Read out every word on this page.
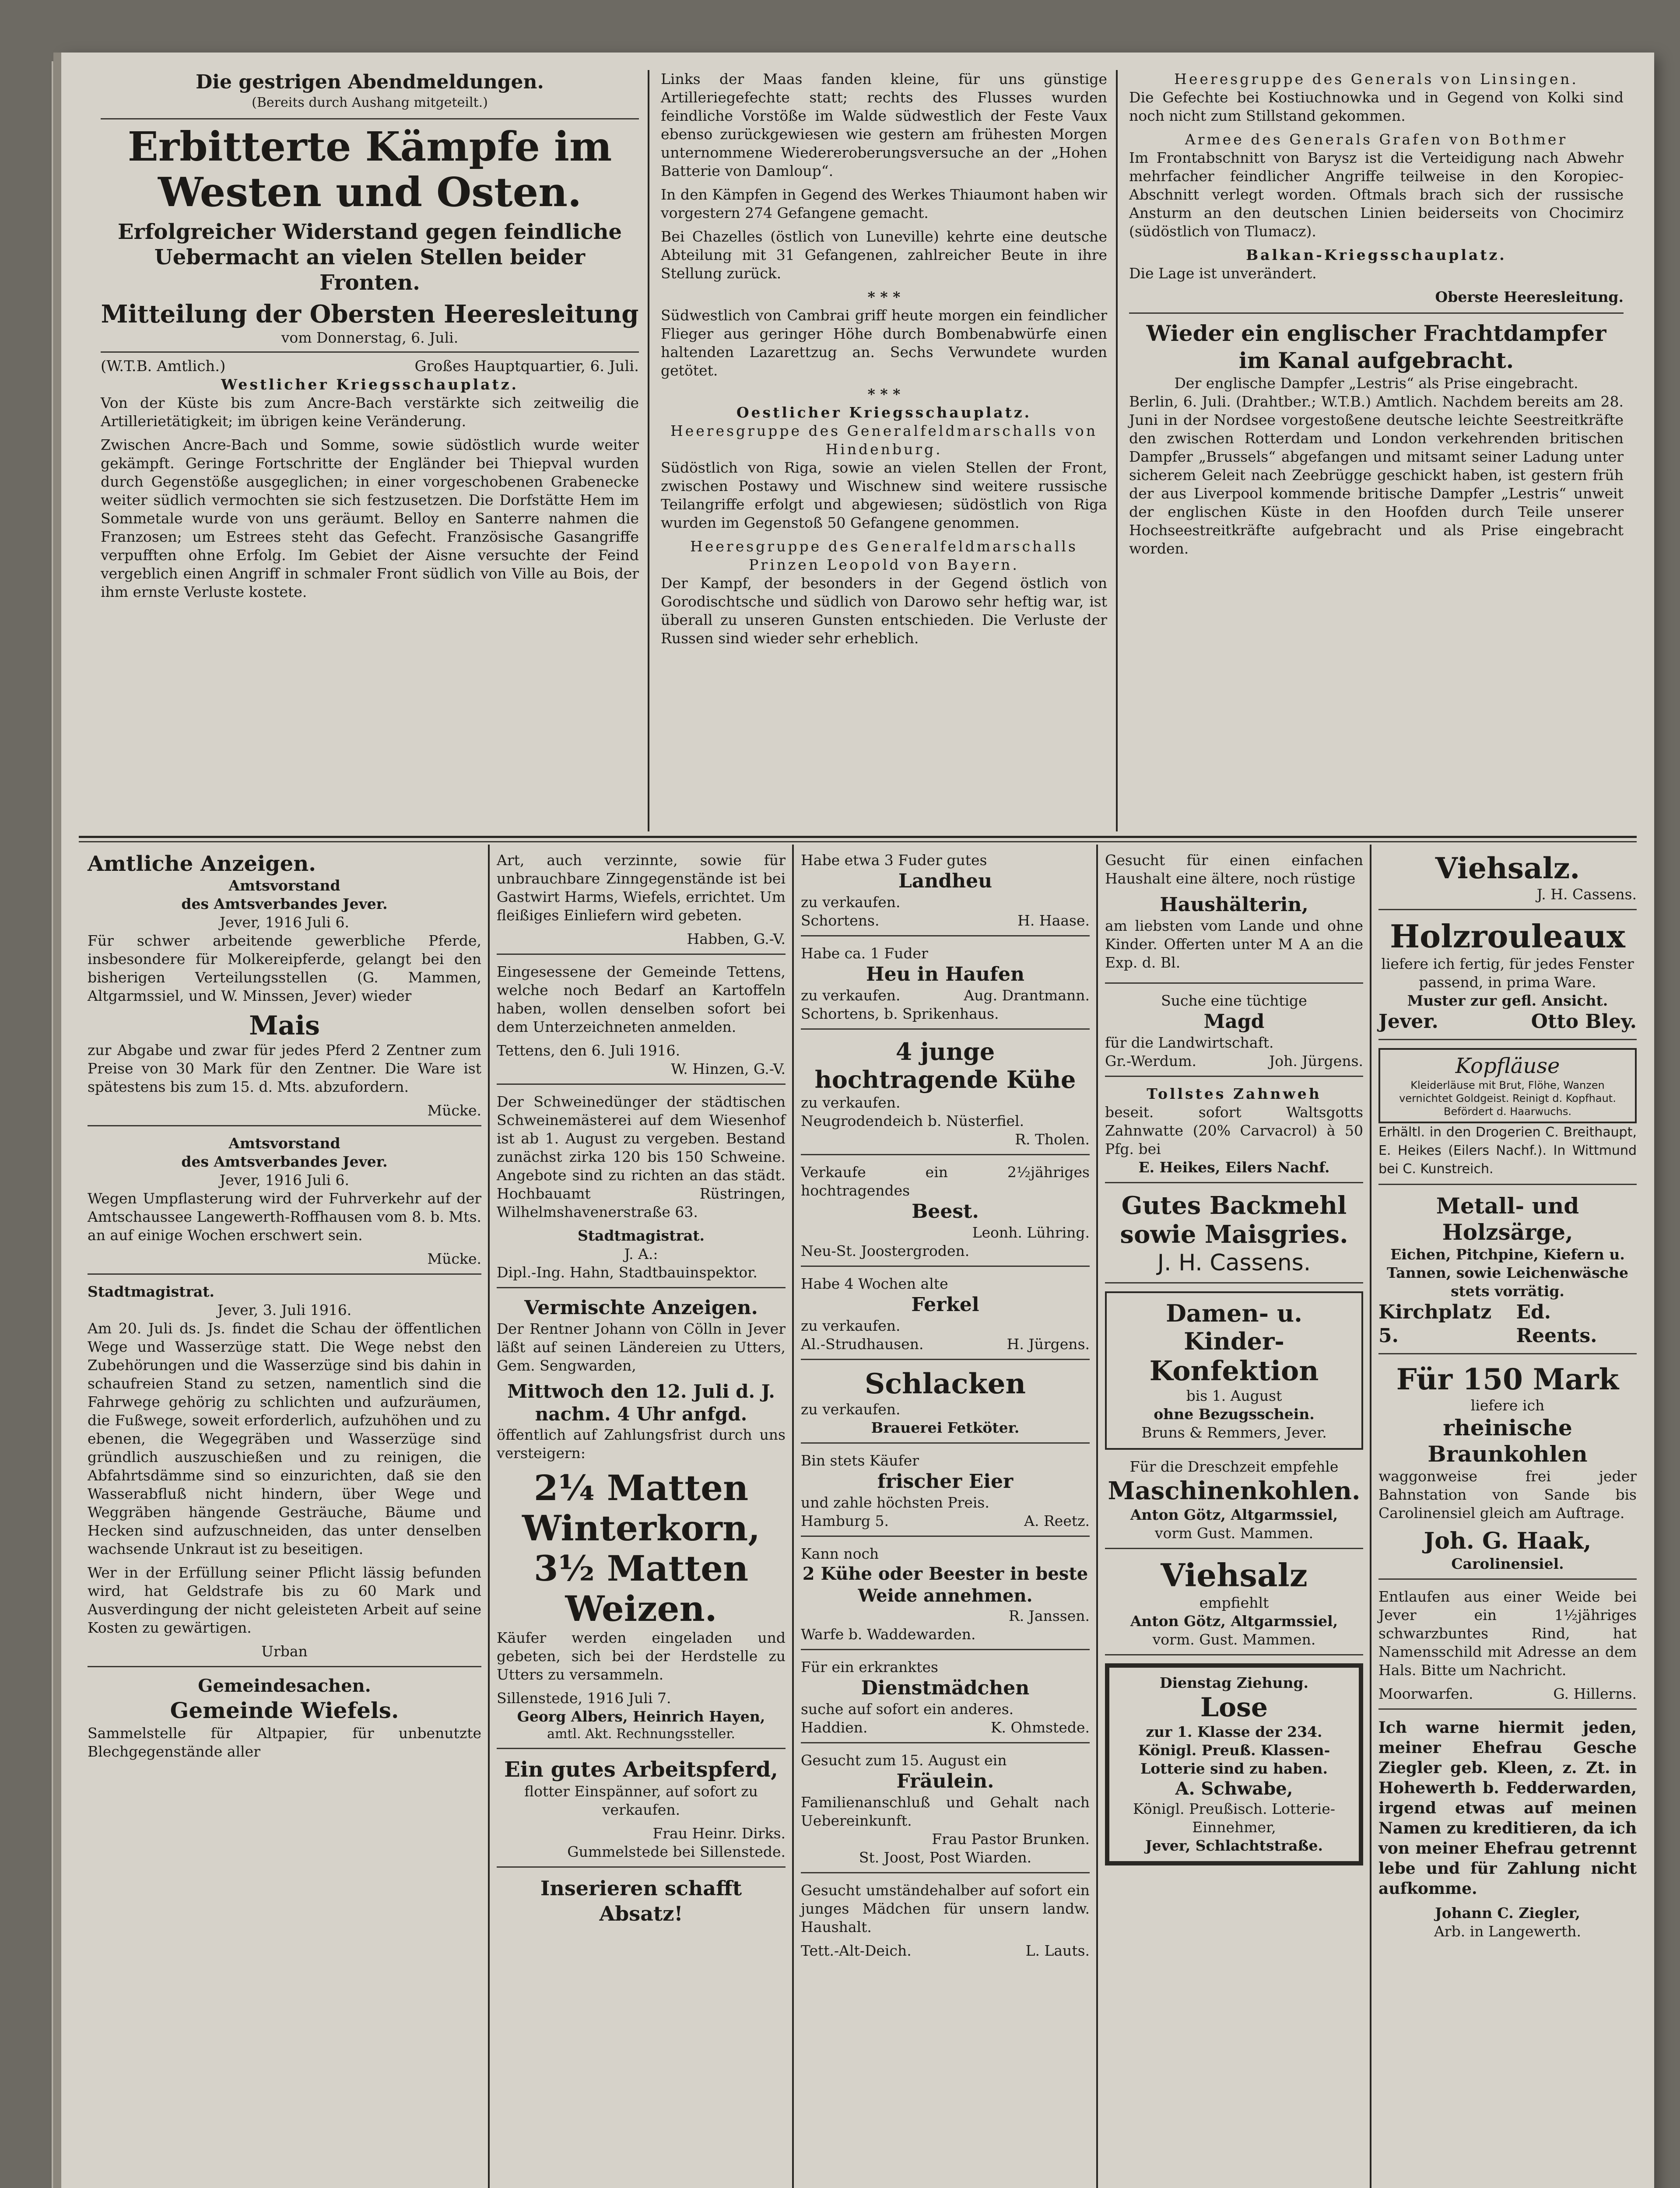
Die gestrigen Abendmeldungen.
(Bereits durch Aushang mitgeteilt.)
Erbitterte Kämpfe im Westen und Osten.
Erfolgreicher Widerstand gegen feindliche Uebermacht an vielen Stellen beider Fronten.
Mitteilung der Obersten Heeresleitung
vom Donnerstag, 6. Juli.
(W.T.B. Amtlich.)	Großes Hauptquartier, 6. Juli.
Westlicher Kriegsschauplatz.

Von der Küste bis zum Ancre-Bach verstärkte sich zeitweilig die Artillerietätigkeit; im übrigen keine Veränderung.

Zwischen Ancre-Bach und Somme, sowie südöstlich wurde weiter gekämpft. Geringe Fortschritte der Engländer bei Thiepval wurden durch Gegenstöße ausgeglichen; in einer vorgeschobenen Grabenecke weiter südlich vermochten sie sich festzusetzen. Die Dorfstätte Hem im Sommetale wurde von uns geräumt. Belloy en Santerre nahmen die Franzosen; um Estrees steht das Gefecht. Französische Gasangriffe verpufften ohne Erfolg. Im Gebiet der Aisne versuchte der Feind vergeblich einen Angriff in schmaler Front südlich von Ville au Bois, der ihm ernste Verluste kostete.

Links der Maas fanden kleine, für uns günstige Artilleriegefechte statt; rechts des Flusses wurden feindliche Vorstöße im Walde südwestlich der Feste Vaux ebenso zurückgewiesen wie gestern am frühesten Morgen unternommene Wiedereroberungsversuche an der „Hohen Batterie von Damloup“.

In den Kämpfen in Gegend des Werkes Thiaumont haben wir vorgestern 274 Gefangene gemacht.

Bei Chazelles (östlich von Luneville) kehrte eine deutsche Abteilung mit 31 Gefangenen, zahlreicher Beute in ihre Stellung zurück.

* * *

Südwestlich von Cambrai griff heute morgen ein feindlicher Flieger aus geringer Höhe durch Bombenabwürfe einen haltenden Lazarettzug an. Sechs Verwundete wurden getötet.

* * *
Oestlicher Kriegsschauplatz.
Heeresgruppe des Generalfeldmarschalls von Hindenburg.

Südöstlich von Riga, sowie an vielen Stellen der Front, zwischen Postawy und Wischnew sind weitere russische Teilangriffe erfolgt und abgewiesen; südöstlich von Riga wurden im Gegenstoß 50 Gefangene genommen.

Heeresgruppe des Generalfeldmarschalls Prinzen Leopold von Bayern.

Der Kampf, der besonders in der Gegend östlich von Gorodischtsche und südlich von Darowo sehr heftig war, ist überall zu unseren Gunsten entschieden. Die Verluste der Russen sind wieder sehr erheblich.

Heeresgruppe des Generals von Linsingen.

Die Gefechte bei Kostiuchnowka und in Gegend von Kolki sind noch nicht zum Stillstand gekommen.

Armee des Generals Grafen von Bothmer

Im Frontabschnitt von Barysz ist die Verteidigung nach Abwehr mehrfacher feindlicher Angriffe teilweise in den Koropiec-Abschnitt verlegt worden. Oftmals brach sich der russische Ansturm an den deutschen Linien beiderseits von Chocimirz (südöstlich von Tlumacz).

Balkan-Kriegsschauplatz.

Die Lage ist unverändert.

Oberste Heeresleitung.
Wieder ein englischer Frachtdampfer im Kanal aufgebracht.
Der englische Dampfer „Lestris“ als Prise eingebracht.

Berlin, 6. Juli. (Drahtber.; W.T.B.) Amtlich. Nachdem bereits am 28. Juni in der Nordsee vorgestoßene deutsche leichte Seestreitkräfte den zwischen Rotterdam und London verkehrenden britischen Dampfer „Brussels“ abgefangen und mitsamt seiner Ladung unter sicherem Geleit nach Zeebrügge geschickt haben, ist gestern früh der aus Liverpool kommende britische Dampfer „Lestris“ unweit der englischen Küste in den Hoofden durch Teile unserer Hochseestreitkräfte aufgebracht und als Prise eingebracht worden.

Amtliche Anzeigen.
Amtsvorstand
des Amtsverbandes Jever.
Jever, 1916 Juli 6.

Für schwer arbeitende gewerbliche Pferde, insbesondere für Molkereipferde, gelangt bei den bisherigen Verteilungsstellen (G. Mammen, Altgarmssiel, und W. Minssen, Jever) wieder

Mais

zur Abgabe und zwar für jedes Pferd 2 Zentner zum Preise von 30 Mark für den Zentner. Die Ware ist spätestens bis zum 15. d. Mts. abzufordern.

Mücke.
Amtsvorstand
des Amtsverbandes Jever.
Jever, 1916 Juli 6.

Wegen Umpflasterung wird der Fuhrverkehr auf der Amtschaussee Langewerth-Roffhausen vom 8. b. Mts. an auf einige Wochen erschwert sein.

Mücke.
Stadtmagistrat.
Jever, 3. Juli 1916.

Am 20. Juli ds. Js. findet die Schau der öffentlichen Wege und Wasserzüge statt. Die Wege nebst den Zubehörungen und die Wasserzüge sind bis dahin in schaufreien Stand zu setzen, namentlich sind die Fahrwege gehörig zu schlichten und aufzuräumen, die Fußwege, soweit erforderlich, aufzuhöhen und zu ebenen, die Wegegräben und Wasserzüge sind gründlich auszuschießen und zu reinigen, die Abfahrtsdämme sind so einzurichten, daß sie den Wasserabfluß nicht hindern, über Wege und Weggräben hängende Gesträuche, Bäume und Hecken sind aufzuschneiden, das unter denselben wachsende Unkraut ist zu beseitigen.

Wer in der Erfüllung seiner Pflicht lässig befunden wird, hat Geldstrafe bis zu 60 Mark und Ausverdingung der nicht geleisteten Arbeit auf seine Kosten zu gewärtigen.

Urban
Gemeindesachen.
Gemeinde Wiefels.

Sammelstelle für Altpapier, für unbenutzte Blechgegenstände aller

Art, auch verzinnte, sowie für unbrauchbare Zinngegenstände ist bei Gastwirt Harms, Wiefels, errichtet. Um fleißiges Einliefern wird gebeten.

Habben, G.-V.

Eingesessene der Gemeinde Tettens, welche noch Bedarf an Kartoffeln haben, wollen denselben sofort bei dem Unterzeichneten anmelden.

Tettens, den 6. Juli 1916.
W. Hinzen, G.-V.

Der Schweinedünger der städtischen Schweinemästerei auf dem Wiesenhof ist ab 1. August zu vergeben. Bestand zunächst zirka 120 bis 150 Schweine. Angebote sind zu richten an das städt. Hochbauamt Rüstringen, Wilhelmshavenerstraße 63.

Stadtmagistrat.
J. A.:
Dipl.-Ing. Hahn, Stadtbauinspektor.
Vermischte Anzeigen.

Der Rentner Johann von Cölln in Jever läßt auf seinen Ländereien zu Utters, Gem. Sengwarden,

Mittwoch den 12. Juli d. J. nachm. 4 Uhr anfgd.

öffentlich auf Zahlungsfrist durch uns versteigern:

2¹⁄₄ Matten
Winterkorn,
3¹⁄₂ Matten
Weizen.

Käufer werden eingeladen und gebeten, sich bei der Herdstelle zu Utters zu versammeln.

Sillenstede, 1916 Juli 7.
Georg Albers, Heinrich Hayen,
amtl. Akt. Rechnungssteller.
Ein gutes Arbeitspferd,

flotter Einspänner, auf sofort zu verkaufen.

Frau Heinr. Dirks.
Gummelstede bei Sillenstede.
Inserieren schafft Absatz!
Habe etwa 3 Fuder gutes
Landheu
zu verkaufen.
Schortens.	H. Haase.
Habe ca. 1 Fuder
Heu in Haufen
zu verkaufen.	Aug. Drantmann.
Schortens, b. Sprikenhaus.
4 junge hochtragende Kühe
zu verkaufen.
Neugrodendeich b. Nüsterfiel.
R. Tholen.
Verkaufe ein 2½jähriges hochtragendes
Beest.
Leonh. Lühring.
Neu-St. Joostergroden.
Habe 4 Wochen alte
Ferkel
zu verkaufen.
Al.-Strudhausen.	H. Jürgens.
Schlacken
zu verkaufen.
Brauerei Fetköter.
Bin stets Käufer
frischer Eier
und zahle höchsten Preis.
Hamburg 5.	A. Reetz.
Kann noch
2 Kühe oder Beester in beste Weide annehmen.
R. Janssen.
Warfe b. Waddewarden.
Für ein erkranktes
Dienstmädchen
suche auf sofort ein anderes.
Haddien.	K. Ohmstede.
Gesucht zum 15. August ein
Fräulein.
Familienanschluß und Gehalt nach Uebereinkunft.
Frau Pastor Brunken.
St. Joost, Post Wiarden.

Gesucht umständehalber auf sofort ein junges Mädchen für unsern landw. Haushalt.

Tett.-Alt-Deich.	L. Lauts.

Gesucht für einen einfachen Haushalt eine ältere, noch rüstige

Haushälterin,

am liebsten vom Lande und ohne Kinder. Offerten unter M A an die Exp. d. Bl.

Suche eine tüchtige
Magd
für die Landwirtschaft.
Gr.-Werdum.	Joh. Jürgens.
Tollstes Zahnweh
beseit. sofort Waltsgotts Zahnwatte (20% Carvacrol) à 50 Pfg. bei
E. Heikes, Eilers Nachf.
Gutes Backmehl
sowie Maisgries.
J. H. Cassens.
Damen- u. Kinder-
Konfektion
bis 1. August
ohne Bezugsschein.
Bruns & Remmers, Jever.
Für die Dreschzeit empfehle
Maschinenkohlen.
Anton Götz, Altgarmssiel,
vorm Gust. Mammen.
Viehsalz
empfiehlt
Anton Götz, Altgarmssiel,
vorm. Gust. Mammen.
Dienstag Ziehung.
Lose
zur 1. Klasse der 234. Königl. Preuß. Klassen-Lotterie sind zu haben.
A. Schwabe,
Königl. Preußisch. Lotterie-Einnehmer,
Jever, Schlachtstraße.
Viehsalz.
J. H. Cassens.
Holzrouleaux
liefere ich fertig, für jedes Fenster passend, in prima Ware.
Muster zur gefl. Ansicht.
Jever.	Otto Bley.
Kopfläuse
Kleiderläuse mit Brut, Flöhe, Wanzen vernichtet Goldgeist. Reinigt d. Kopfhaut. Befördert d. Haarwuchs.
Erhältl. in den Drogerien C. Breithaupt, E. Heikes (Eilers Nachf.). In Wittmund bei C. Kunstreich.
Metall- und Holzsärge,
Eichen, Pitchpine, Kiefern u. Tannen, sowie Leichenwäsche stets vorrätig.
Kirchplatz 5.
Ed. Reents.
Für 150 Mark
liefere ich
rheinische Braunkohlen

waggonweise frei jeder Bahnstation von Sande bis Carolinensiel gleich am Auftrage.

Joh. G. Haak,
Carolinensiel.

Entlaufen aus einer Weide bei Jever ein 1½jähriges schwarzbuntes Rind, hat Namensschild mit Adresse an dem Hals. Bitte um Nachricht.

Moorwarfen.	G. Hillerns.

Ich warne hiermit jeden, meiner Ehefrau Gesche Ziegler geb. Kleen, z. Zt. in Hohewerth b. Fedderwarden, irgend etwas auf meinen Namen zu kreditieren, da ich von meiner Ehefrau getrennt lebe und für Zahlung nicht aufkomme.

Johann C. Ziegler,
Arb. in Langewerth.
